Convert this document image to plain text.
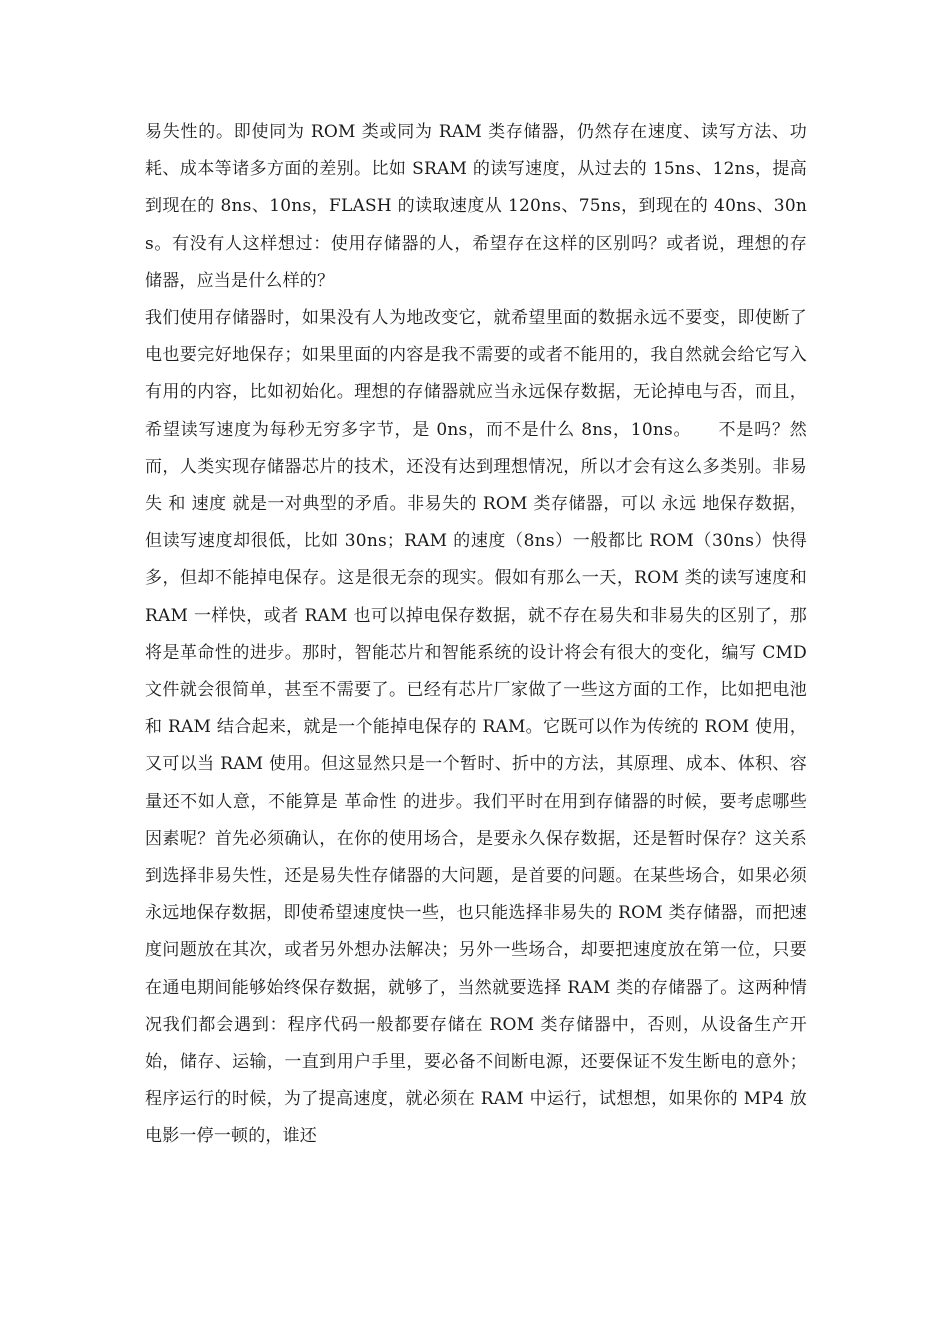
易失性的。即使同为 ROM 类或同为 RAM 类存储器，仍然存在速度、读写方法、功耗、成本等诸多方面的差别。比如 SRAM 的读写速度，从过去的 15ns、12ns，提高到现在的 8ns、10ns，FLASH 的读取速度从 120ns、75ns，到现在的 40ns、30ns。有没有人这样想过：使用存储器的人，希望存在这样的区别吗？或者说，理想的存储器，应当是什么样的？

我们使用存储器时，如果没有人为地改变它，就希望里面的数据永远不要变，即使断了电也要完好地保存；如果里面的内容是我不需要的或者不能用的，我自然就会给它写入有用的内容，比如初始化。理想的存储器就应当永远保存数据，无论掉电与否，而且，希望读写速度为每秒无穷多字节，是 0ns，而不是什么 8ns，10ns。　　不是吗？然而，人类实现存储器芯片的技术，还没有达到理想情况，所以才会有这么多类别。非易失 和 速度 就是一对典型的矛盾。非易失的 ROM 类存储器，可以 永远 地保存数据，但读写速度却很低，比如 30ns；RAM 的速度（8ns）一般都比 ROM（30ns）快得多，但却不能掉电保存。这是很无奈的现实。假如有那么一天，ROM 类的读写速度和 RAM 一样快，或者 RAM 也可以掉电保存数据，就不存在易失和非易失的区别了，那将是革命性的进步。那时，智能芯片和智能系统的设计将会有很大的变化，编写 CMD 文件就会很简单，甚至不需要了。已经有芯片厂家做了一些这方面的工作，比如把电池和 RAM 结合起来，就是一个能掉电保存的 RAM。它既可以作为传统的 ROM 使用，又可以当 RAM 使用。但这显然只是一个暂时、折中的方法，其原理、成本、体积、容量还不如人意，不能算是 革命性 的进步。我们平时在用到存储器的时候，要考虑哪些因素呢？首先必须确认，在你的使用场合，是要永久保存数据，还是暂时保存？这关系到选择非易失性，还是易失性存储器的大问题，是首要的问题。在某些场合，如果必须永远地保存数据，即使希望速度快一些，也只能选择非易失的 ROM 类存储器，而把速度问题放在其次，或者另外想办法解决；另外一些场合，却要把速度放在第一位，只要在通电期间能够始终保存数据，就够了，当然就要选择 RAM 类的存储器了。这两种情况我们都会遇到：程序代码一般都要存储在 ROM 类存储器中，否则，从设备生产开始，储存、运输，一直到用户手里，要必备不间断电源，还要保证不发生断电的意外；程序运行的时候，为了提高速度，就必须在 RAM 中运行，试想想，如果你的 MP4 放电影一停一顿的，谁还
